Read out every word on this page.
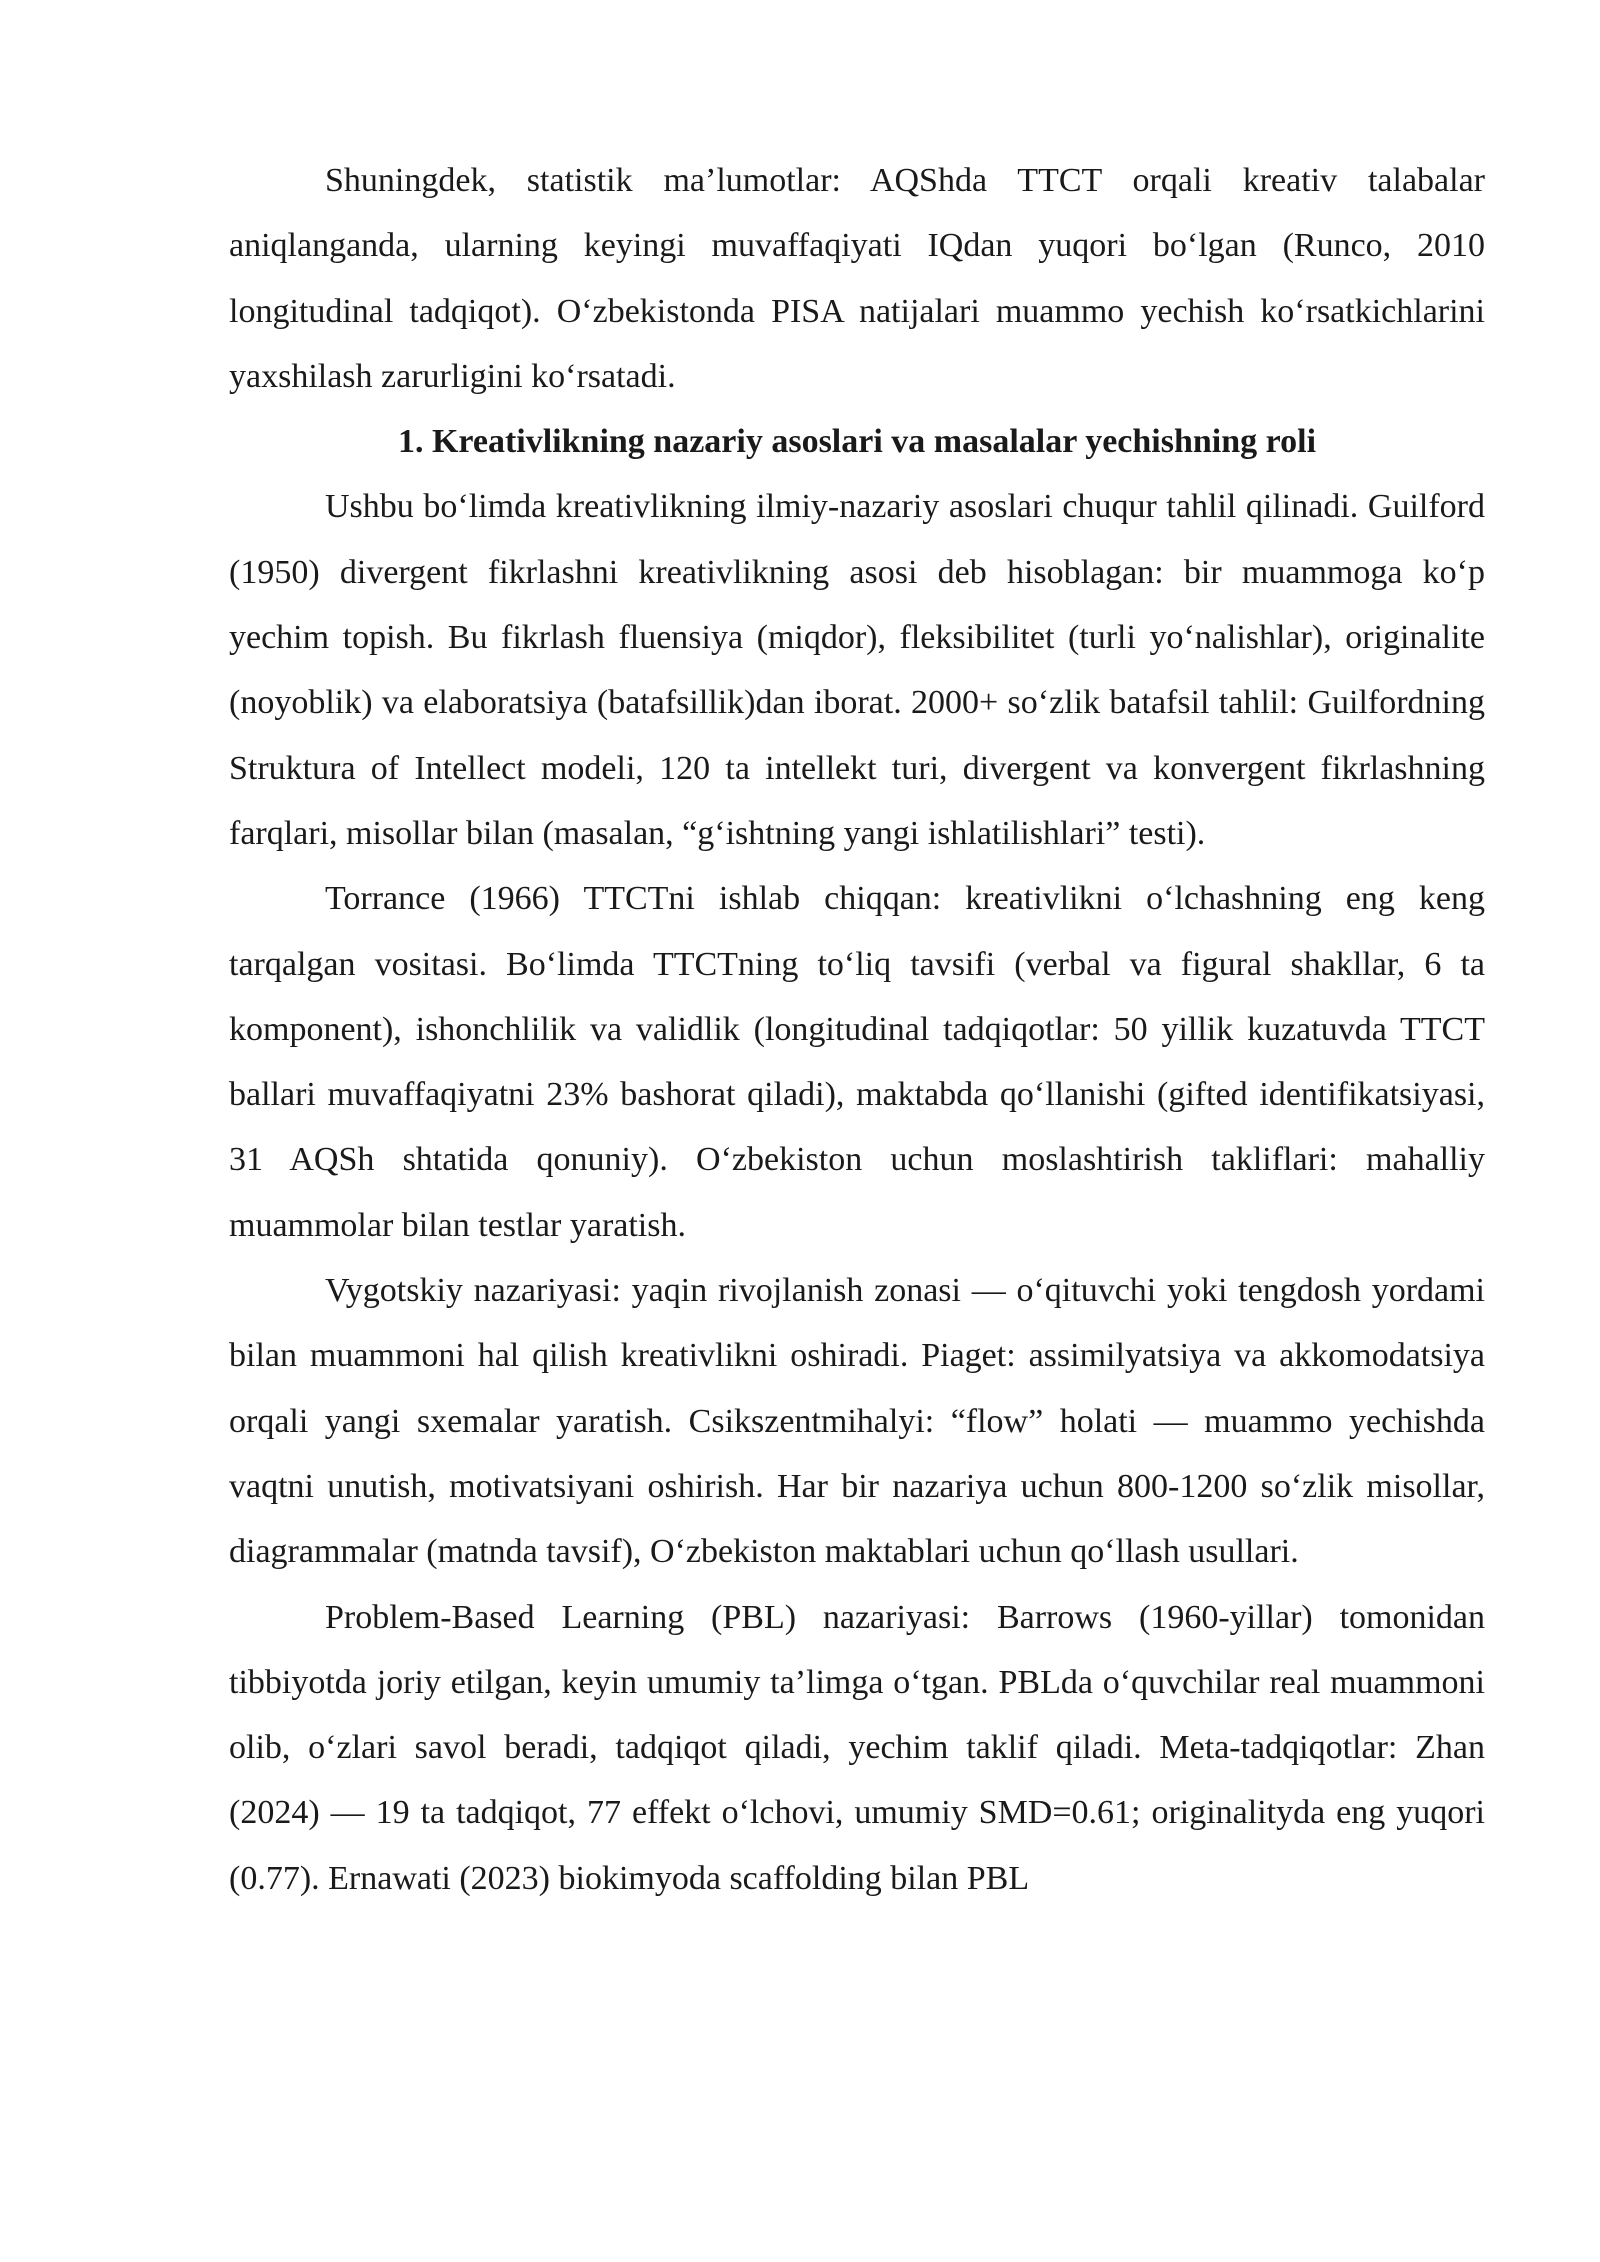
Shuningdek, statistik ma’lumotlar: AQShda TTCT orqali kreativ talabalar aniqlanganda, ularning keyingi muvaffaqiyati IQdan yuqori bo‘lgan (Runco, 2010 longitudinal tadqiqot). O‘zbekistonda PISA natijalari muammo yechish ko‘rsatkichlarini yaxshilash zarurligini ko‘rsatadi.

1. Kreativlikning nazariy asoslari va masalalar yechishning roli

Ushbu bo‘limda kreativlikning ilmiy-nazariy asoslari chuqur tahlil qilinadi. Guilford (1950) divergent fikrlashni kreativlikning asosi deb hisoblagan: bir muammoga ko‘p yechim topish. Bu fikrlash fluensiya (miqdor), fleksibilitet (turli yo‘nalishlar), originalite (noyoblik) va elaboratsiya (batafsillik)dan iborat. 2000+ so‘zlik batafsil tahlil: Guilfordning Struktura of Intellect modeli, 120 ta intellekt turi, divergent va konvergent fikrlashning farqlari, misollar bilan (masalan, “g‘ishtning yangi ishlatilishlari” testi).

Torrance (1966) TTCTni ishlab chiqqan: kreativlikni o‘lchashning eng keng tarqalgan vositasi. Bo‘limda TTCTning to‘liq tavsifi (verbal va figural shakllar, 6 ta komponent), ishonchlilik va validlik (longitudinal tadqiqotlar: 50 yillik kuzatuvda TTCT ballari muvaffaqiyatni 23% bashorat qiladi), maktabda qo‘llanishi (gifted identifikatsiyasi, 31 AQSh shtatida qonuniy). O‘zbekiston uchun moslashtirish takliflari: mahalliy muammolar bilan testlar yaratish.

Vygotskiy nazariyasi: yaqin rivojlanish zonasi — o‘qituvchi yoki tengdosh yordami bilan muammoni hal qilish kreativlikni oshiradi. Piaget: assimilyatsiya va akkomodatsiya orqali yangi sxemalar yaratish. Csikszentmihalyi: “flow” holati — muammo yechishda vaqtni unutish, motivatsiyani oshirish. Har bir nazariya uchun 800-1200 so‘zlik misollar, diagrammalar (matnda tavsif), O‘zbekiston maktablari uchun qo‘llash usullari.

Problem-Based Learning (PBL) nazariyasi: Barrows (1960-yillar) tomonidan tibbiyotda joriy etilgan, keyin umumiy ta’limga o‘tgan. PBLda o‘quvchilar real muammoni olib, o‘zlari savol beradi, tadqiqot qiladi, yechim taklif qiladi. Meta-tadqiqotlar: Zhan (2024) — 19 ta tadqiqot, 77 effekt o‘lchovi, umumiy SMD=0.61; originalityda eng yuqori (0.77). Ernawati (2023) biokimyoda scaffolding bilan PBL
